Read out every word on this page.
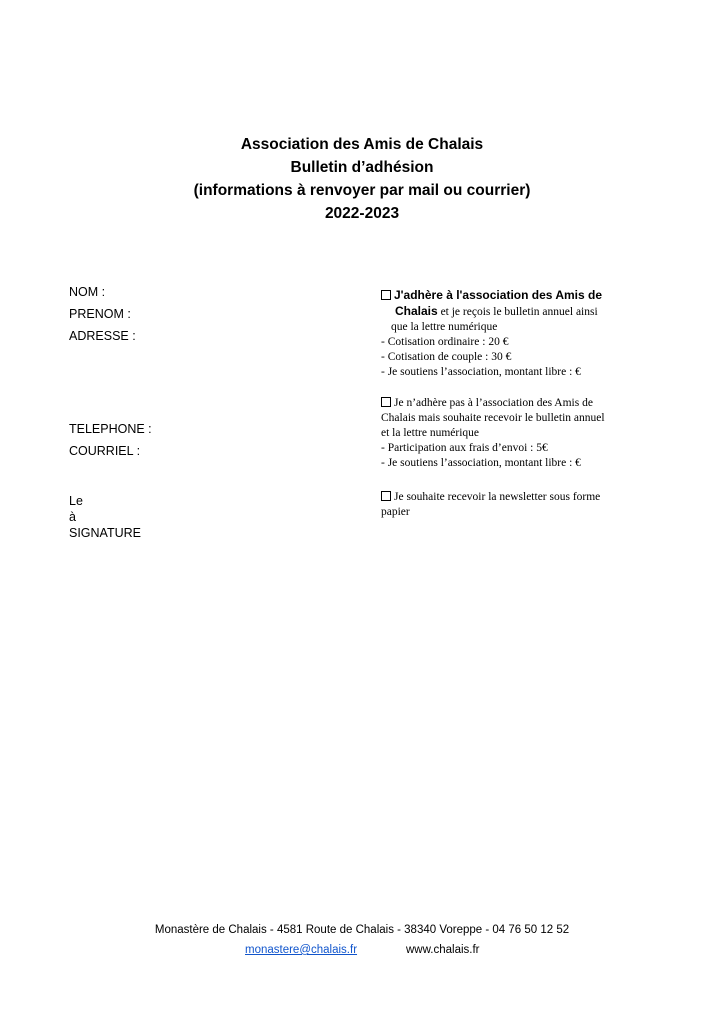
Association des Amis de Chalais
Bulletin d’adhésion
(informations à renvoyer par mail ou courrier)
2022-2023
NOM :
PRENOM :
ADRESSE :
TELEPHONE :
COURRIEL :
Le
à
SIGNATURE
J'adhère à l'association des Amis de
Chalais et je reçois le bulletin annuel ainsi
que la lettre numérique
- Cotisation ordinaire : 20 €
- Cotisation de couple : 30 €
- Je soutiens l’association, montant libre : €
Je n’adhère pas à l’association des Amis de
Chalais mais souhaite recevoir le bulletin annuel
et la lettre numérique
- Participation aux frais d’envoi : 5€
- Je soutiens l’association, montant libre : €
Je souhaite recevoir la newsletter sous forme
papier
Monastère de Chalais - 4581 Route de Chalais - 38340 Voreppe - 04 76 50 12 52
monastere@chalais.fr	www.chalais.fr
